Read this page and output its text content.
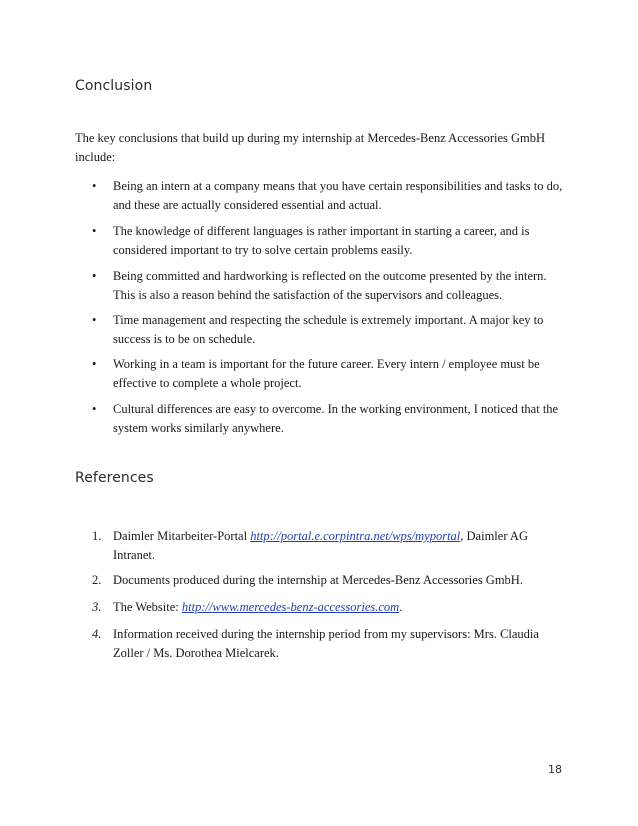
Conclusion

The key conclusions that build up during my internship at Mercedes-Benz Accessories GmbH include:

• Being an intern at a company means that you have certain responsibilities and tasks to do, and these are actually considered essential and actual.
• The knowledge of different languages is rather important in starting a career, and is considered important to try to solve certain problems easily.
• Being committed and hardworking is reflected on the outcome presented by the intern. This is also a reason behind the satisfaction of the supervisors and colleagues.
• Time management and respecting the schedule is extremely important. A major key to success is to be on schedule.
• Working in a team is important for the future career. Every intern / employee must be effective to complete a whole project.
• Cultural differences are easy to overcome. In the working environment, I noticed that the system works similarly anywhere.
References
1. Daimler Mitarbeiter-Portal http://portal.e.corpintra.net/wps/myportal, Daimler AG Intranet.
2. Documents produced during the internship at Mercedes-Benz Accessories GmbH.
3. The Website: http://www.mercedes-benz-accessories.com.
4. Information received during the internship period from my supervisors: Mrs. Claudia Zoller / Ms. Dorothea Mielcarek.

18
